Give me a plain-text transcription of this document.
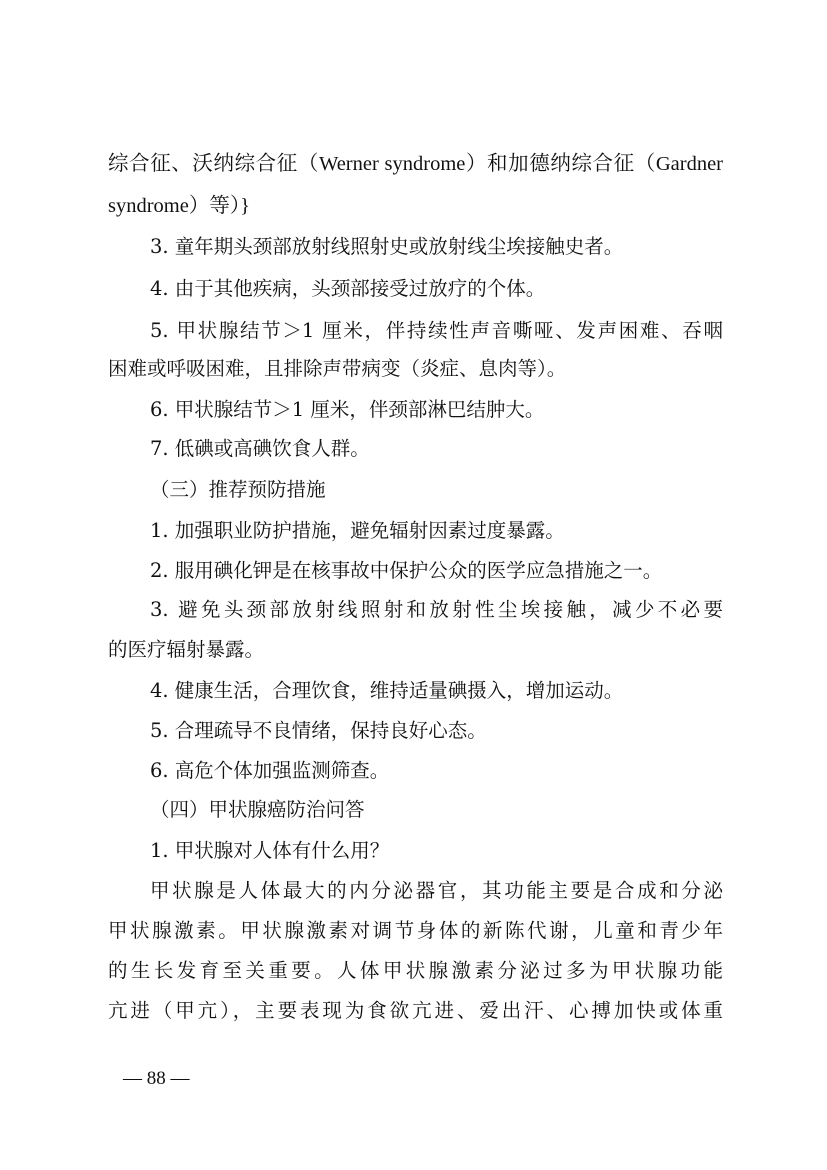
综合征、沃纳综合征（Werner syndrome）和加德纳综合征（Gardner
syndrome）等）}
3. 童年期头颈部放射线照射史或放射线尘埃接触史者。
4. 由于其他疾病，头颈部接受过放疗的个体。
5. 甲状腺结节＞1 厘米，伴持续性声音嘶哑、发声困难、吞咽
困难或呼吸困难，且排除声带病变（炎症、息肉等）。
6. 甲状腺结节＞1 厘米，伴颈部淋巴结肿大。
7. 低碘或高碘饮食人群。
（三）推荐预防措施
1. 加强职业防护措施，避免辐射因素过度暴露。
2. 服用碘化钾是在核事故中保护公众的医学应急措施之一。
3. 避免头颈部放射线照射和放射性尘埃接触，减少不必要
的医疗辐射暴露。
4. 健康生活，合理饮食，维持适量碘摄入，增加运动。
5. 合理疏导不良情绪，保持良好心态。
6. 高危个体加强监测筛查。
（四）甲状腺癌防治问答
1. 甲状腺对人体有什么用？
甲状腺是人体最大的内分泌器官，其功能主要是合成和分泌
甲状腺激素。甲状腺激素对调节身体的新陈代谢，儿童和青少年
的生长发育至关重要。人体甲状腺激素分泌过多为甲状腺功能
亢进（甲亢），主要表现为食欲亢进、爱出汗、心搏加快或体重
— 88 —
